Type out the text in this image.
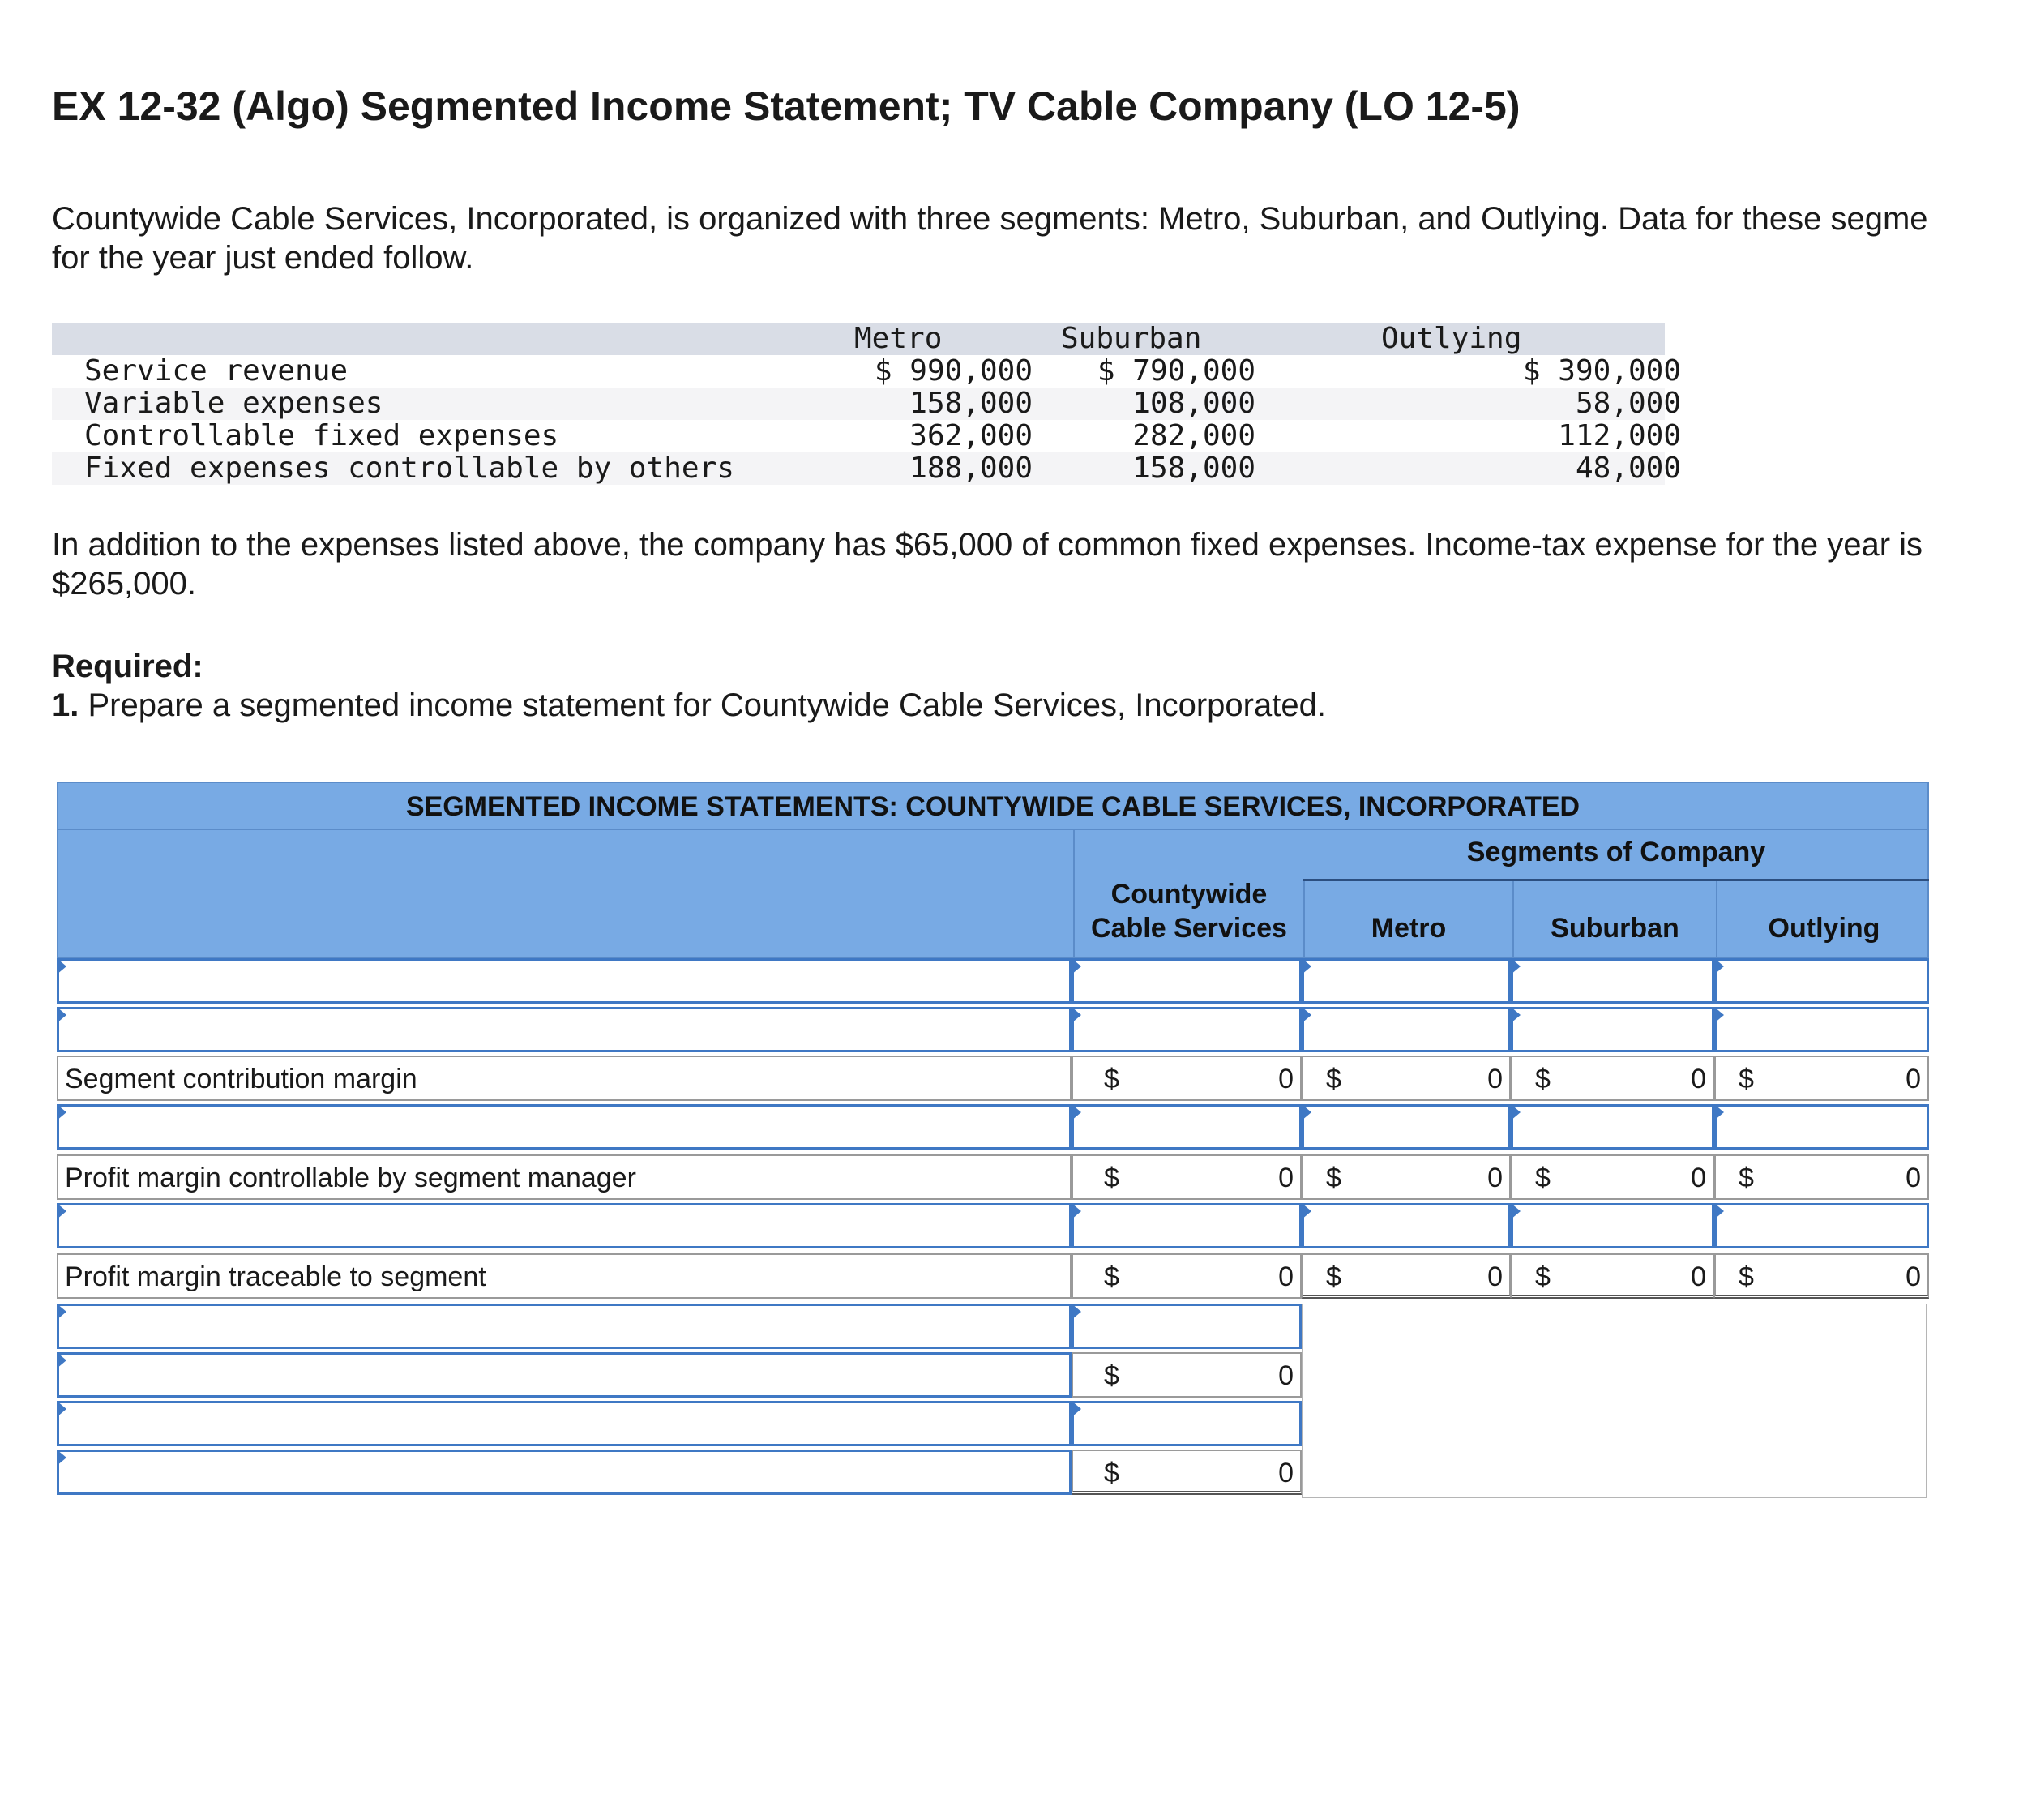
EX 12-32 (Algo) Segmented Income Statement; TV Cable Company (LO 12-5)
Countywide Cable Services, Incorporated, is organized with three segments: Metro, Suburban, and Outlying. Data for these segme
for the year just ended follow.
Metro	Suburban	Outlying
Service revenue	$ 990,000	$ 790,000	$ 390,000
Variable expenses	158,000	108,000	58,000
Controllable fixed expenses	362,000	282,000	112,000
Fixed expenses controllable by others	188,000	158,000	48,000
In addition to the expenses listed above, the company has $65,000 of common fixed expenses. Income-tax expense for the year is
$265,000.
Required:
1. Prepare a segmented income statement for Countywide Cable Services, Incorporated.
SEGMENTED INCOME STATEMENTS: COUNTYWIDE CABLE SERVICES, INCORPORATED
Segments of Company
Countywide
Cable Services	Metro	Suburban	Outlying
Segment contribution margin	$	0 $	0 $	0 $	0
Profit margin controllable by segment manager	$	0 $	0 $	0 $	0
Profit margin traceable to segment	$	0 $	0 $	0 $	0
$	0
$	0
